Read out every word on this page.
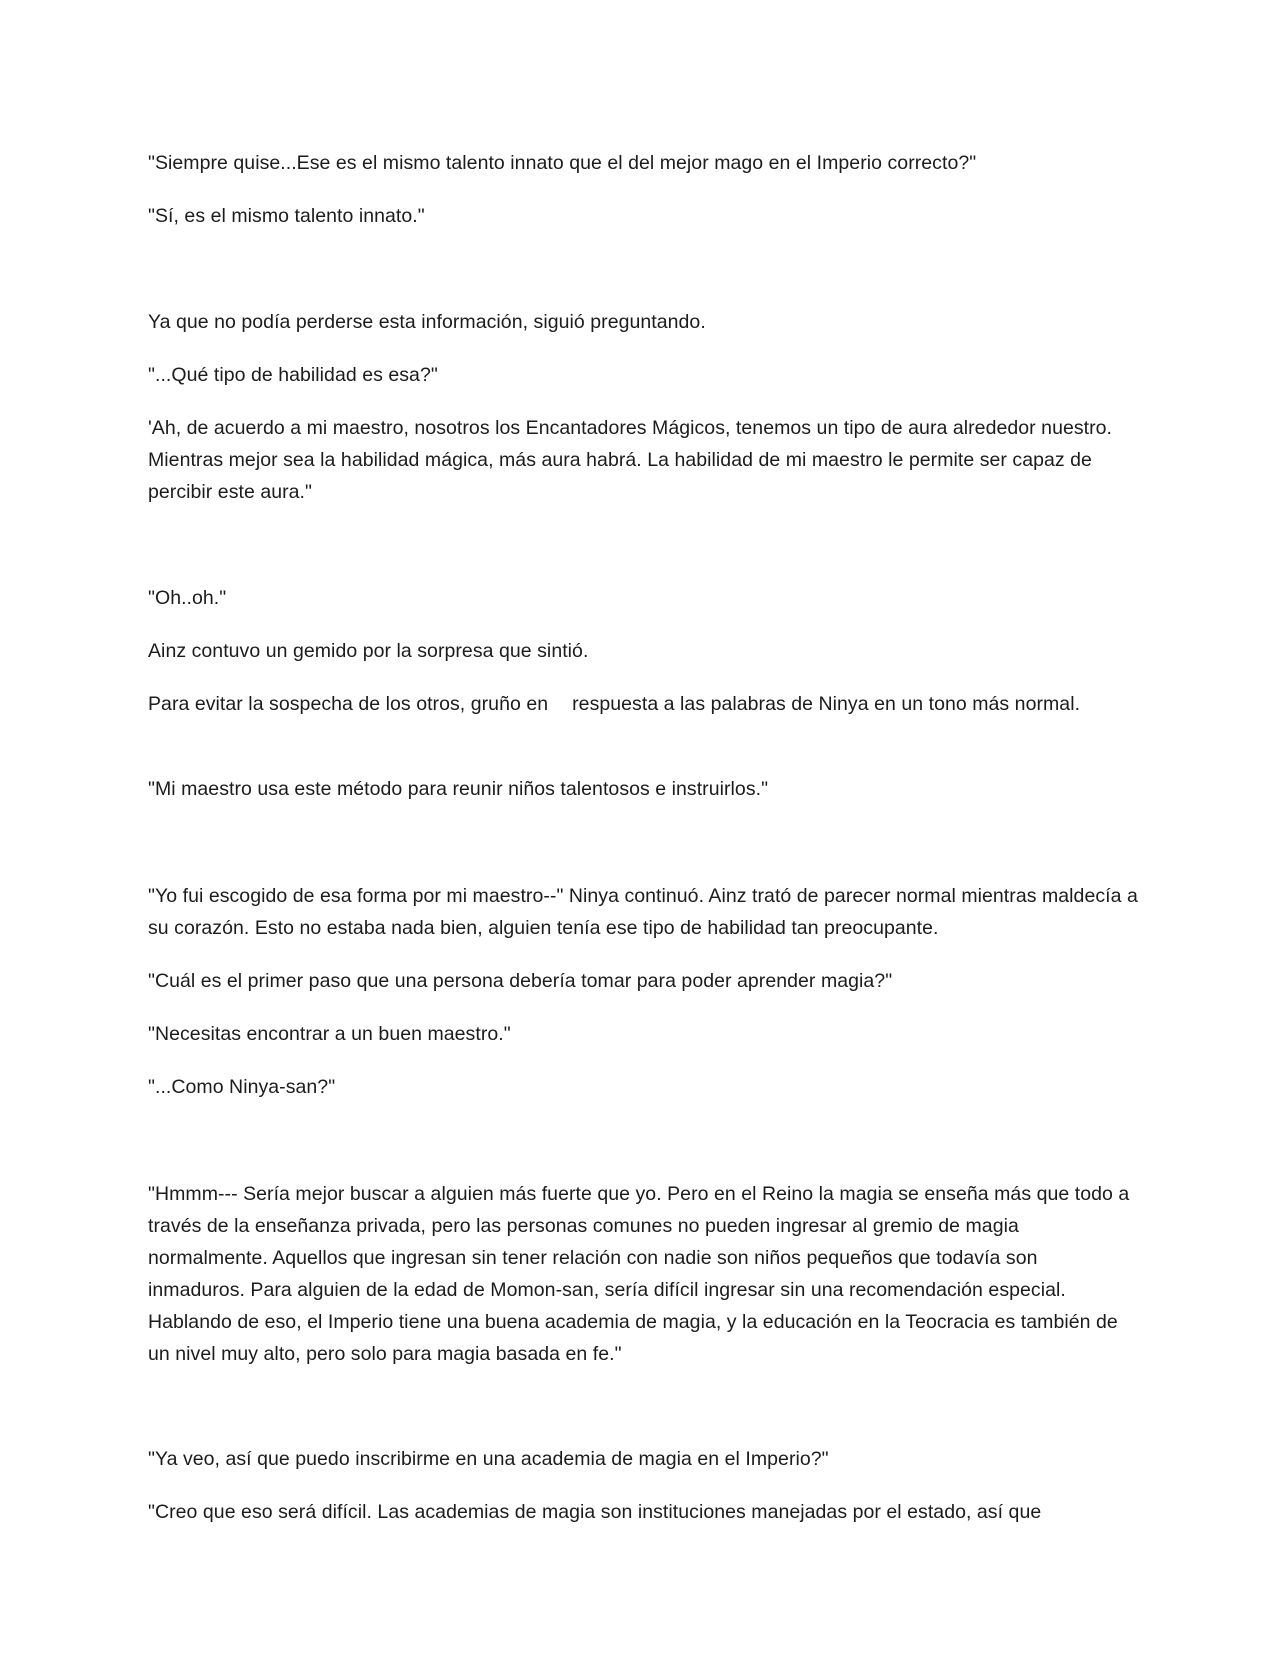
"Siempre quise...Ese es el mismo talento innato que el del mejor mago en el Imperio correcto?"

"Sí, es el mismo talento innato."

Ya que no podía perderse esta información, siguió preguntando.

"...Qué tipo de habilidad es esa?"

'Ah, de acuerdo a mi maestro, nosotros los Encantadores Mágicos, tenemos un tipo de aura alrededor nuestro. Mientras mejor sea la habilidad mágica, más aura habrá. La habilidad de mi maestro le permite ser capaz de percibir este aura."

"Oh..oh."

Ainz contuvo un gemido por la sorpresa que sintió.

Para evitar la sospecha de los otros, gruño en respuesta a las palabras de Ninya en un tono más normal.

"Mi maestro usa este método para reunir niños talentosos e instruirlos."

"Yo fui escogido de esa forma por mi maestro--" Ninya continuó. Ainz trató de parecer normal mientras maldecía a su corazón. Esto no estaba nada bien, alguien tenía ese tipo de habilidad tan preocupante.

"Cuál es el primer paso que una persona debería tomar para poder aprender magia?"

"Necesitas encontrar a un buen maestro."

"...Como Ninya-san?"

"Hmmm--- Sería mejor buscar a alguien más fuerte que yo. Pero en el Reino la magia se enseña más que todo a través de la enseñanza privada, pero las personas comunes no pueden ingresar al gremio de magia normalmente. Aquellos que ingresan sin tener relación con nadie son niños pequeños que todavía son inmaduros. Para alguien de la edad de Momon-san, sería difícil ingresar sin una recomendación especial. Hablando de eso, el Imperio tiene una buena academia de magia, y la educación en la Teocracia es también de un nivel muy alto, pero solo para magia basada en fe."

"Ya veo, así que puedo inscribirme en una academia de magia en el Imperio?"

"Creo que eso será difícil. Las academias de magia son instituciones manejadas por el estado, así que
